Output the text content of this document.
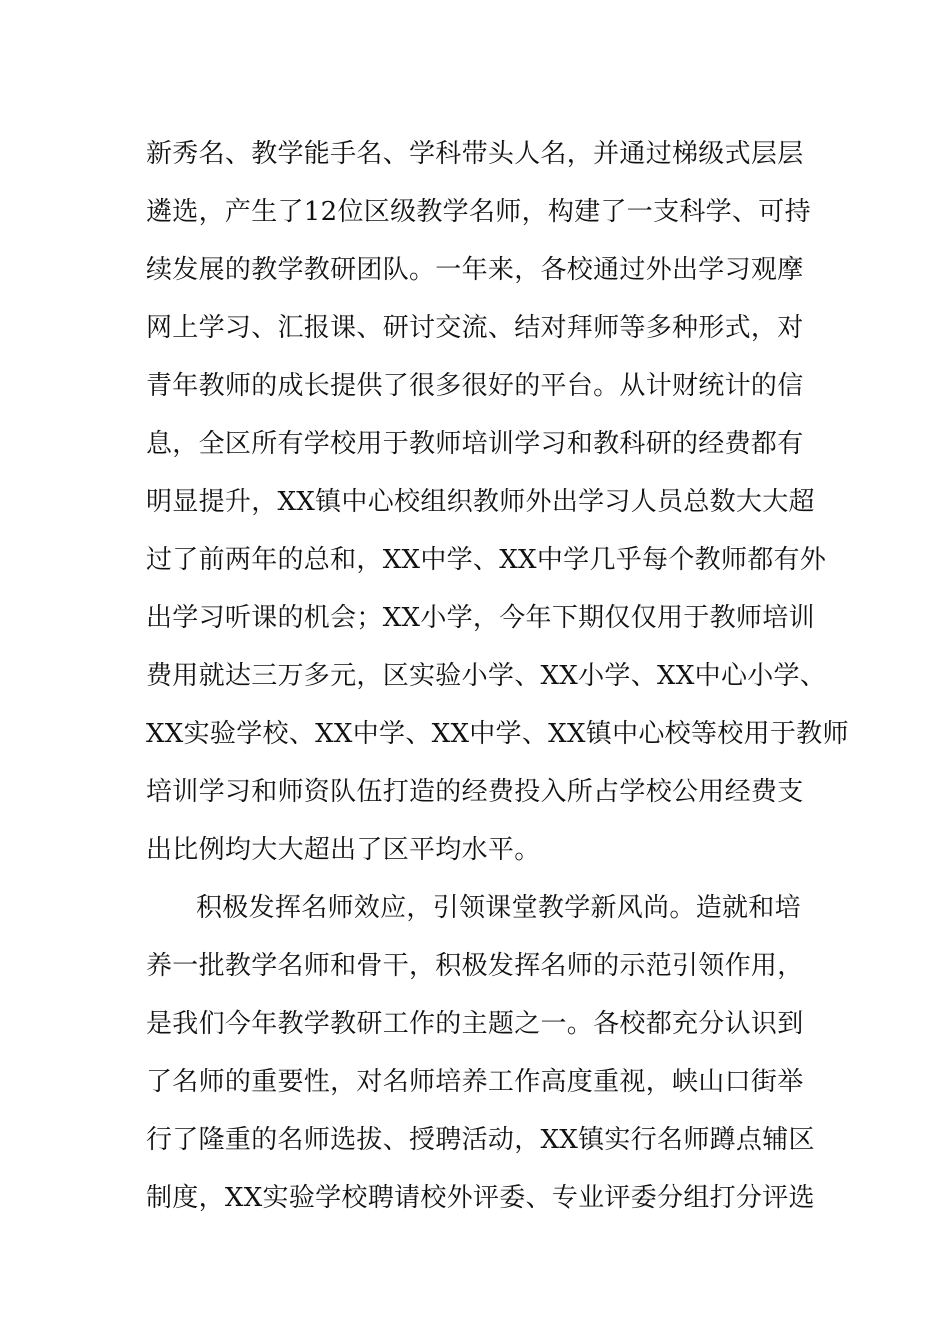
新秀名、教学能手名、学科带头人名，并通过梯级式层层
遴选，产生了12位区级教学名师，构建了一支科学、可持
续发展的教学教研团队。一年来，各校通过外出学习观摩
网上学习、汇报课、研讨交流、结对拜师等多种形式，对
青年教师的成长提供了很多很好的平台。从计财统计的信
息，全区所有学校用于教师培训学习和教科研的经费都有
明显提升，XX镇中心校组织教师外出学习人员总数大大超
过了前两年的总和，XX中学、XX中学几乎每个教师都有外
出学习听课的机会；XX小学，今年下期仅仅用于教师培训
费用就达三万多元，区实验小学、XX小学、XX中心小学、
XX实验学校、XX中学、XX中学、XX镇中心校等校用于教师
培训学习和师资队伍打造的经费投入所占学校公用经费支
出比例均大大超出了区平均水平。
积极发挥名师效应，引领课堂教学新风尚。造就和培
养一批教学名师和骨干，积极发挥名师的示范引领作用，
是我们今年教学教研工作的主题之一。各校都充分认识到
了名师的重要性，对名师培养工作高度重视，峡山口街举
行了隆重的名师选拔、授聘活动，XX镇实行名师蹲点辅区
制度，XX实验学校聘请校外评委、专业评委分组打分评选
